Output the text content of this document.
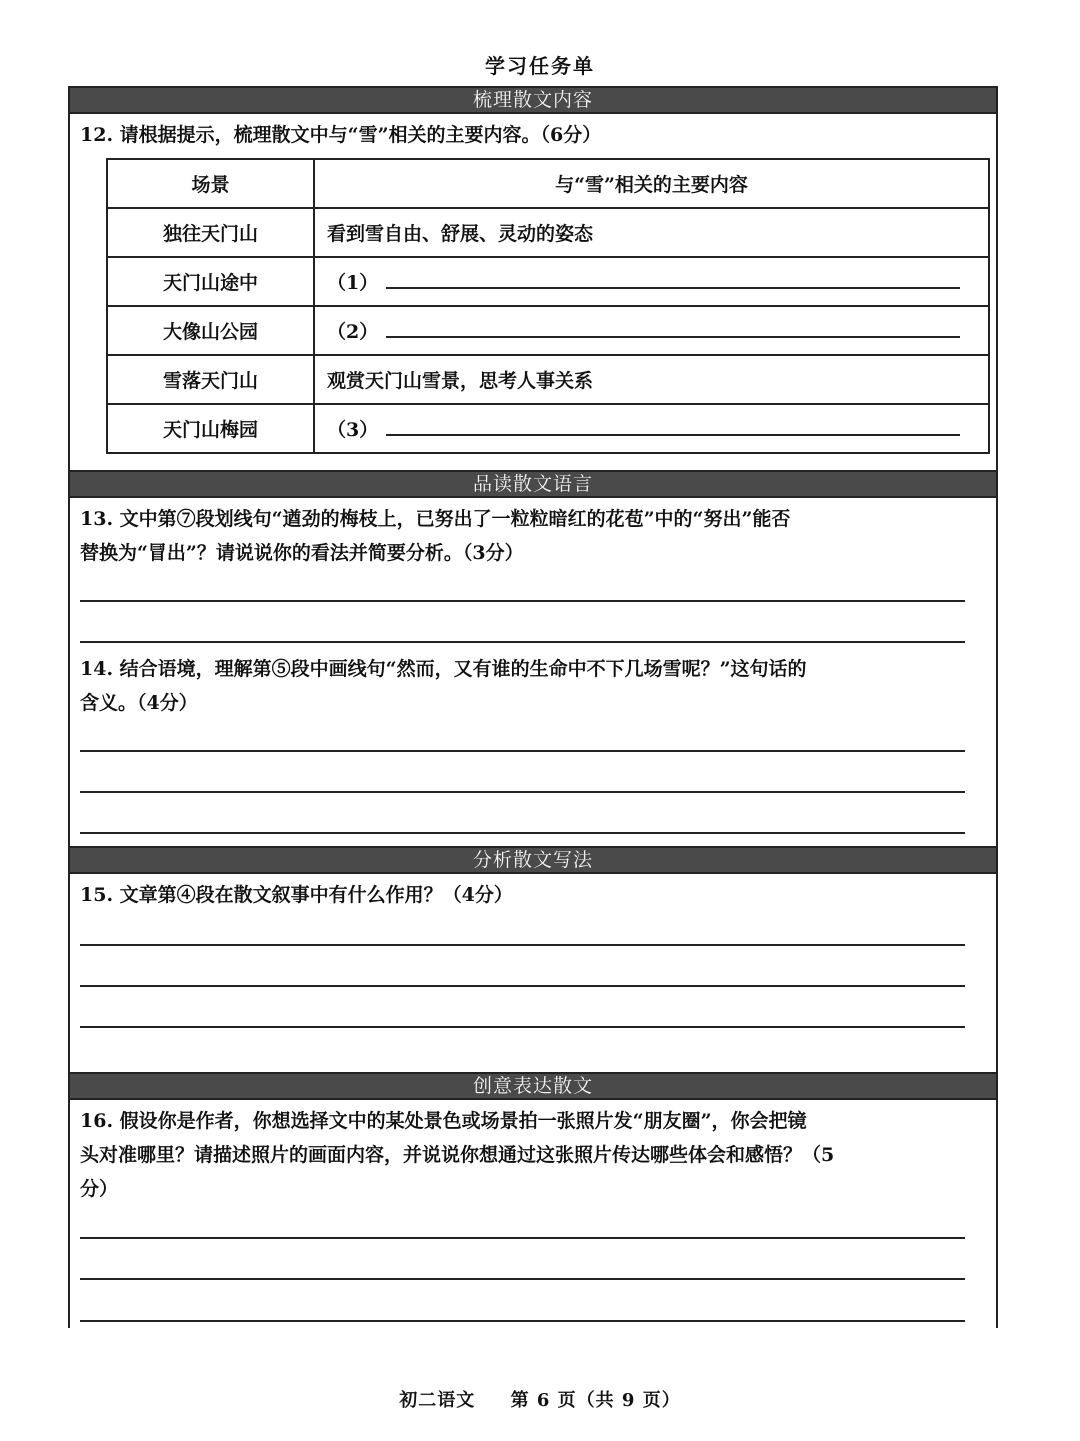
学习任务单
梳理散文内容
12. 请根据提示，梳理散文中与“雪”相关的主要内容。（6分）
场景	与“雪”相关的主要内容
独往天门山	看到雪自由、舒展、灵动的姿态
天门山途中	（1）

大像山公园	（2）

雪落天门山	观赏天门山雪景，思考人事关系
天门山梅园	（3）
品读散文语言
13. 文中第⑦段划线句“遒劲的梅枝上，已努出了一粒粒暗红的花苞”中的“努出”能否
替换为“冒出”？请说说你的看法并简要分析。（3分）
14. 结合语境，理解第⑤段中画线句“然而，又有谁的生命中不下几场雪呢？”这句话的
含义。（4分）
分析散文写法
15. 文章第④段在散文叙事中有什么作用？（4分）
创意表达散文
16. 假设你是作者，你想选择文中的某处景色或场景拍一张照片发“朋友圈”，你会把镜
头对准哪里？请描述照片的画面内容，并说说你想通过这张照片传达哪些体会和感悟？（5
分）
初二语文 第 6 页（共 9 页）
